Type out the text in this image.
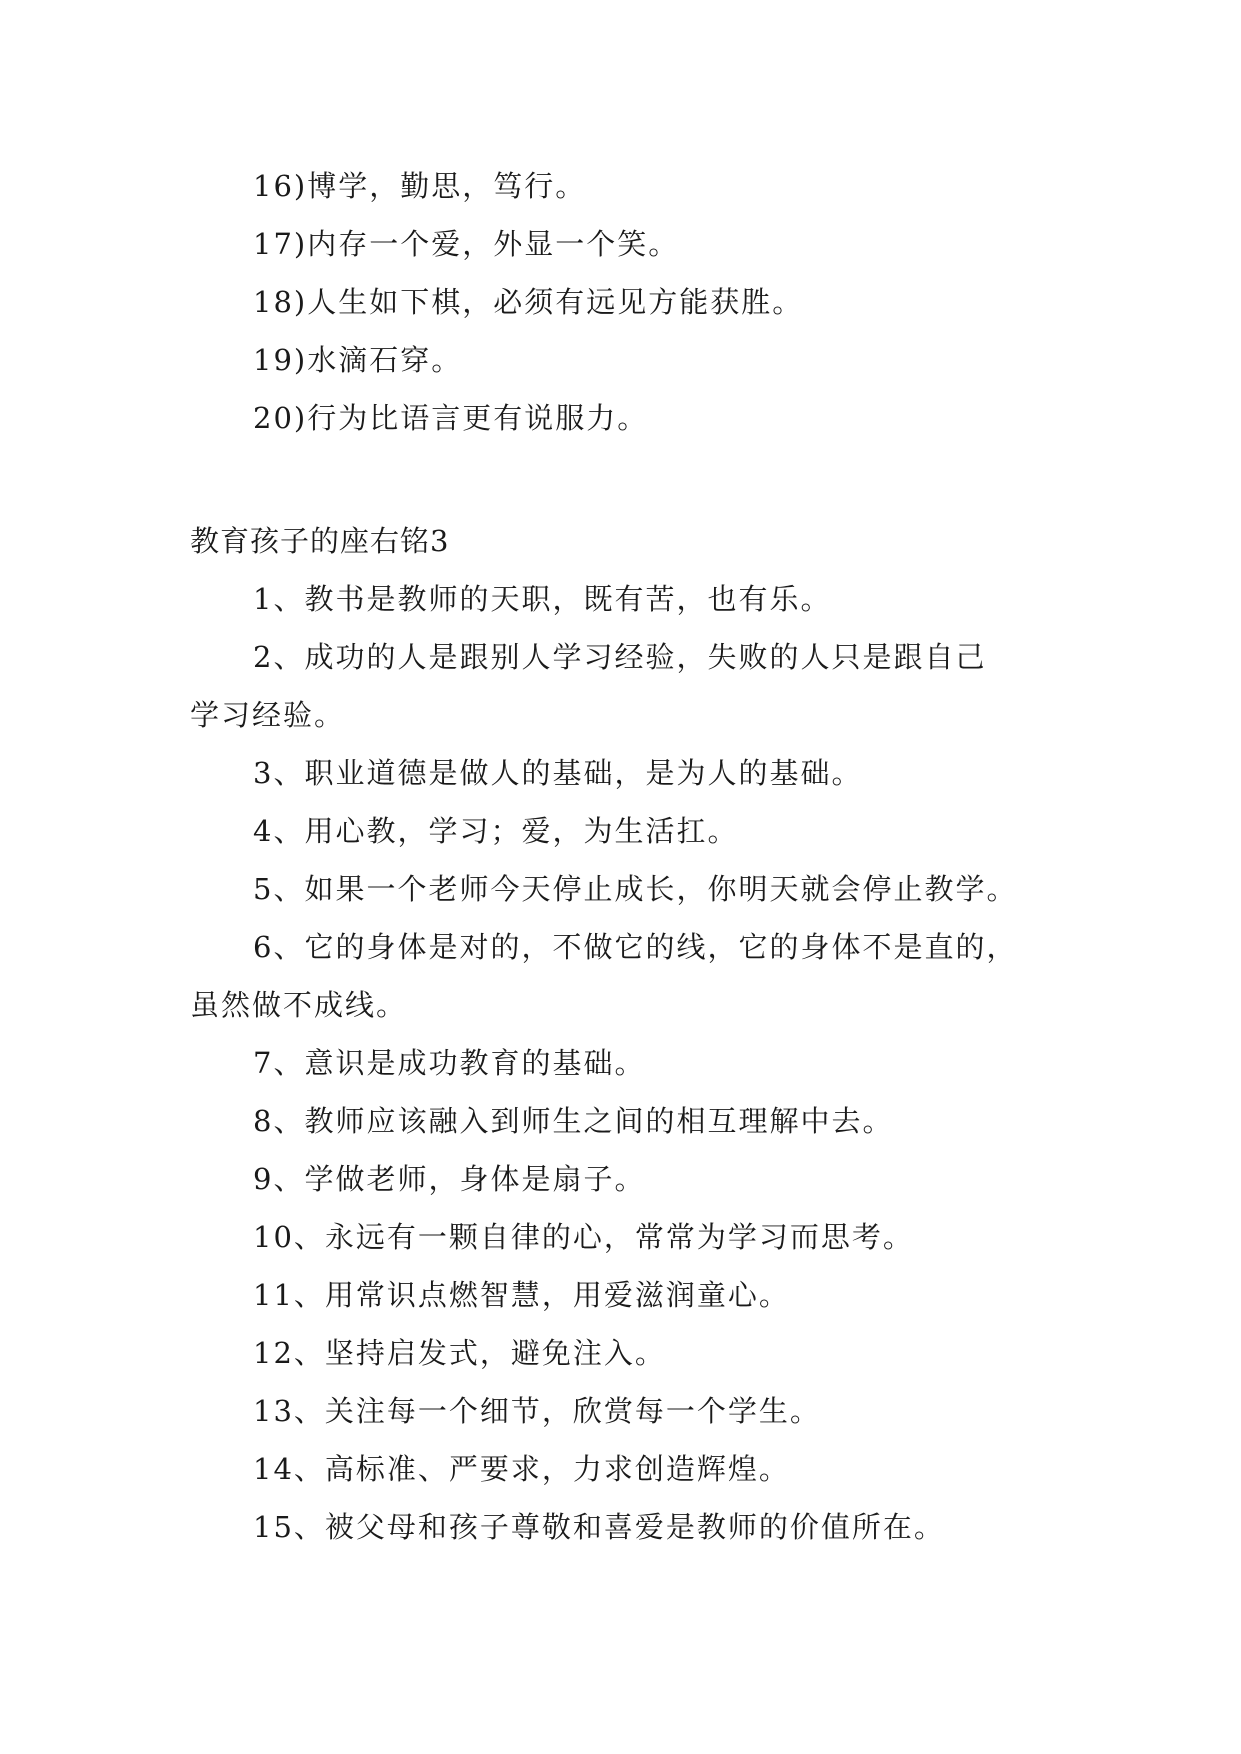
16)博学，勤思，笃行。
17)内存一个爱，外显一个笑。
18)人生如下棋，必须有远见方能获胜。
19)水滴石穿。
20)行为比语言更有说服力。
教育孩子的座右铭3
1、教书是教师的天职，既有苦，也有乐。
2、成功的人是跟别人学习经验，失败的人只是跟自己
学习经验。
3、职业道德是做人的基础，是为人的基础。
4、用心教，学习；爱，为生活扛。
5、如果一个老师今天停止成长，你明天就会停止教学。
6、它的身体是对的，不做它的线，它的身体不是直的，
虽然做不成线。
7、意识是成功教育的基础。
8、教师应该融入到师生之间的相互理解中去。
9、学做老师，身体是扇子。
10、永远有一颗自律的心，常常为学习而思考。
11、用常识点燃智慧，用爱滋润童心。
12、坚持启发式，避免注入。
13、关注每一个细节，欣赏每一个学生。
14、高标准、严要求，力求创造辉煌。
15、被父母和孩子尊敬和喜爱是教师的价值所在。
